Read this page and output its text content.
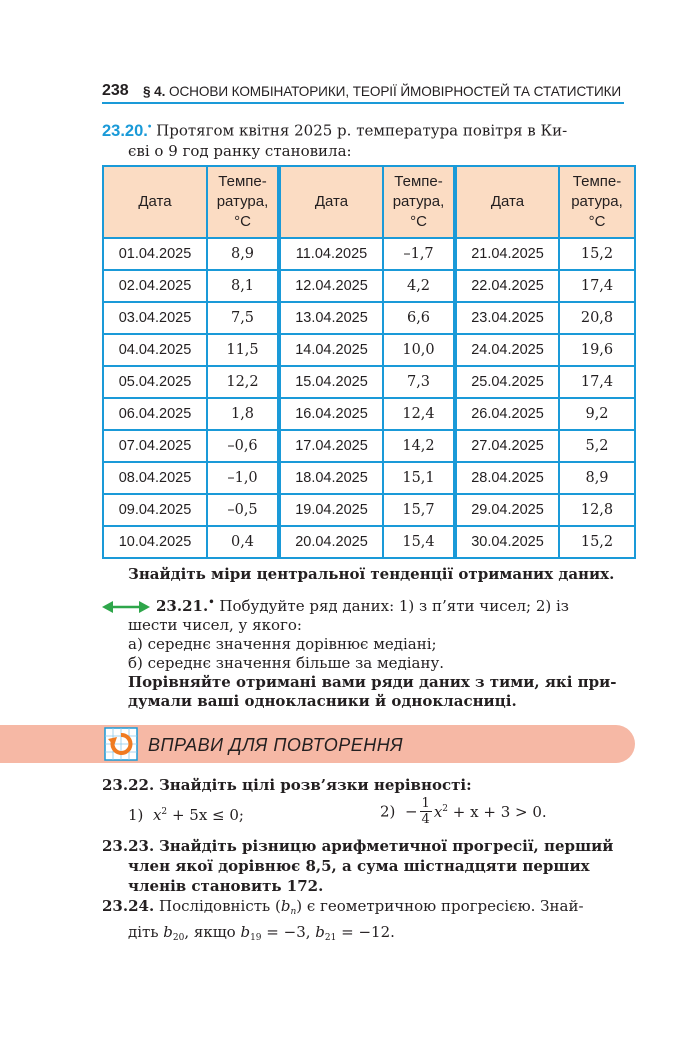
238 § 4. ОСНОВИ КОМБІНАТОРИКИ, ТЕОРІЇ ЙМОВІРНОСТЕЙ ТА СТАТИСТИКИ
23.20.• Протягом квітня 2025 р. температура повітря в Ки-
єві о 9 год ранку становила:
Дата	Темпе-
ратура,
°С	Дата	Темпе-
ратура,
°С	Дата	Темпе-
ратура,
°С
01.04.2025	8,9	11.04.2025	–1,7	21.04.2025	15,2
02.04.2025	8,1	12.04.2025	4,2	22.04.2025	17,4
03.04.2025	7,5	13.04.2025	6,6	23.04.2025	20,8
04.04.2025	11,5	14.04.2025	10,0	24.04.2025	19,6
05.04.2025	12,2	15.04.2025	7,3	25.04.2025	17,4
06.04.2025	1,8	16.04.2025	12,4	26.04.2025	9,2
07.04.2025	–0,6	17.04.2025	14,2	27.04.2025	5,2
08.04.2025	–1,0	18.04.2025	15,1	28.04.2025	8,9
09.04.2025	–0,5	19.04.2025	15,7	29.04.2025	12,8
10.04.2025	0,4	20.04.2025	15,4	30.04.2025	15,2
Знайдіть міри центральної тенденції отриманих даних.
23.21.• Побудуйте ряд даних: 1) з п’яти чисел; 2) із
шести чисел, у якого:
а) середнє значення дорівнює медіані;
б) середнє значення більше за медіану.
Порівняйте отримані вами ряди даних з тими, які при-
думали ваші однокласники й однокласниці.
ВПРАВИ ДЛЯ ПОВТОРЕННЯ
23.22. Знайдіть цілі розв’язки нерівності:
1) $x^2 + 5x \le 0$;	$2) - \frac{1}{4} x^2 + x + 3 > 0$.
23.23. Знайдіть різницю арифметичної прогресії, перший
член якої дорівнює 8,5, а сума шістнадцяти перших
членів становить 172.
23.24. Послідовність $(b_n)$ є геометричною прогресією. Знай-
діть $b_{20}$, якщо $b_{19} = -3$, $b_{21} = -12$.
